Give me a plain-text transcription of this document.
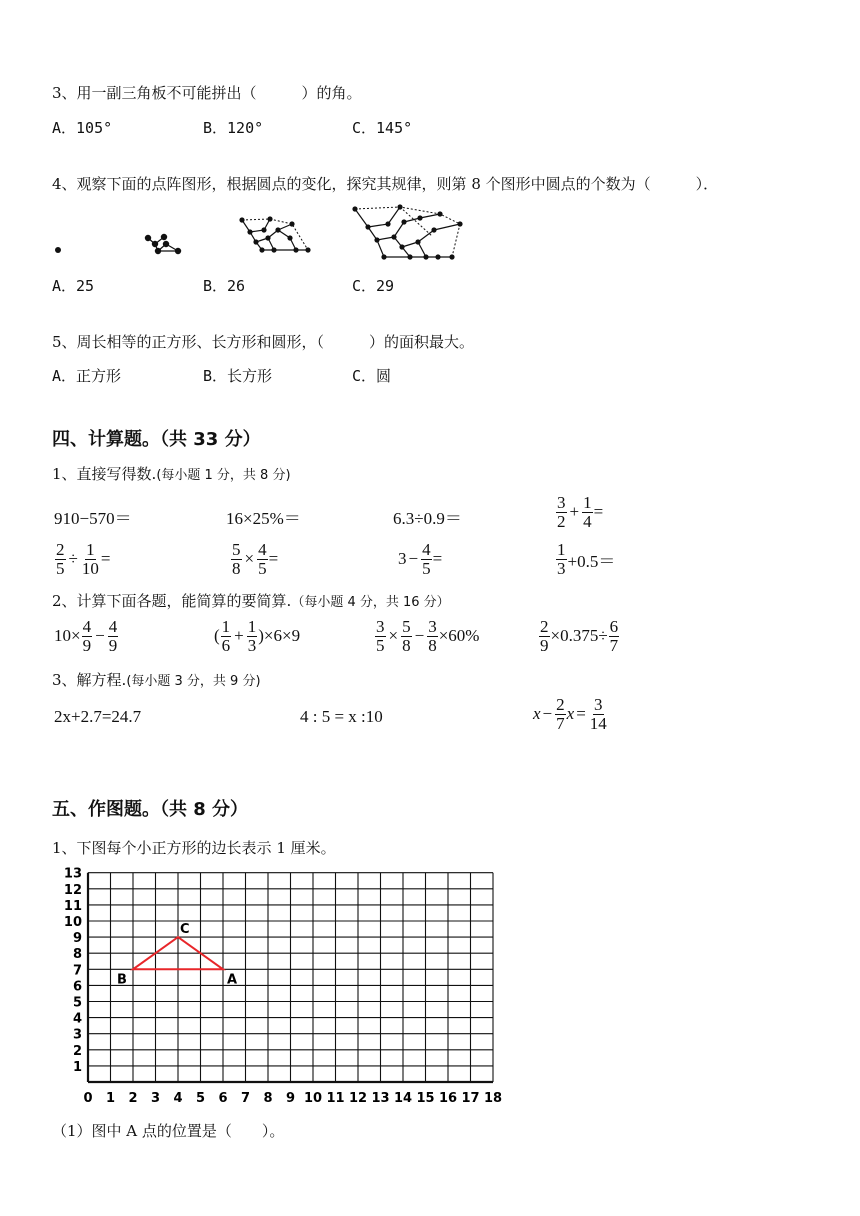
3、用一副三角板不可能拼出（　　　）的角。
A．105°	B．120°	C．145°
4、观察下面的点阵图形，根据圆点的变化，探究其规律，则第 8 个图形中圆点的个数为（　　　）．
A．25	B．26	C．29
5、周长相等的正方形、长方形和圆形，（　　　）的面积最大。
A．正方形	B．长方形	C．圆
四、计算题。（共 33 分）
1、直接写得数.(每小题 1 分，共 8 分)
910−570＝	16×25%＝	6.3÷0.9＝	$\frac{3}{2} + \frac{1}{4}$ =
$\frac{2}{5} \div \frac{1}{10}$ =	$\frac{5}{8} \times \frac{4}{5}$ =	$3 - \frac{4}{5}$ =	$\frac{1}{3} +0.5=$
2、计算下面各题，能简算的要简算.（每小题 4 分，共 16 分）
$10\times \frac{4}{9} - \frac{4}{9}$	( $\frac{1}{6} + \frac{1}{3} )\times 6\times 9$	$\frac{3}{5} \times \frac{5}{8} - \frac{3}{8} \times 60\%$	$\frac{2}{9} \times 0.375\div \frac{6}{7}$
3、解方程.(每小题 3 分，共 9 分)
2x+2.7=24.7	4 : 5 = x :10	$x - \frac{2}{7}$ $x = \frac{3}{14}$
五、作图题。（共 8 分）
1、下图每个小正方形的边长表示 1 厘米。
1
2
3
4
5
6
7
8
9
10
11
12
13
0 1 2 3 4 5 6 7 8 9 10 11 12 13 14 15 16 17 18
A
B
C
（1）图中 A 点的位置是（　　）。
